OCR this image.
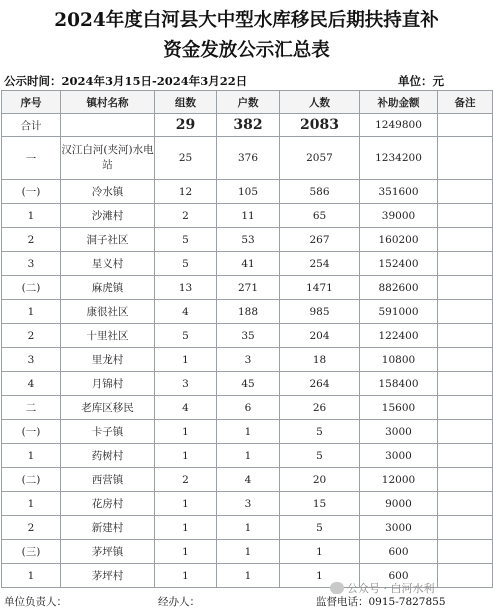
2024年度白河县大中型水库移民后期扶持直补
资金发放公示汇总表
公示时间：2024年3月15日-2024年3月22日	单位：元
序号	镇村名称	组数	户数	人数	补助金额	备注
合计		29	382	2083	1249800	
一	汉江白河(夹河)水电站	25	376	2057	1234200	
(一)	冷水镇	12	105	586	351600	
1	沙滩村	2	11	65	39000	
2	洞子社区	5	53	267	160200	
3	星义村	5	41	254	152400	
(二)	麻虎镇	13	271	1471	882600	
1	康很社区	4	188	985	591000	
2	十里社区	5	35	204	122400	
3	里龙村	1	3	18	10800	
4	月锦村	3	45	264	158400	
二	老库区移民	4	6	26	15600	
(一)	卡子镇	1	1	5	3000	
1	药树村	1	1	5	3000	
(二)	西营镇	2	4	20	12000	
1	花房村	1	3	15	9000	
2	新建村	1	1	5	3000	
(三)	茅坪镇	1	1	1	600	
1	茅坪村	1	1	1	600	
单位负责人：	经办人：	监督电话：0915-7827855
公众号 · 白河水利
